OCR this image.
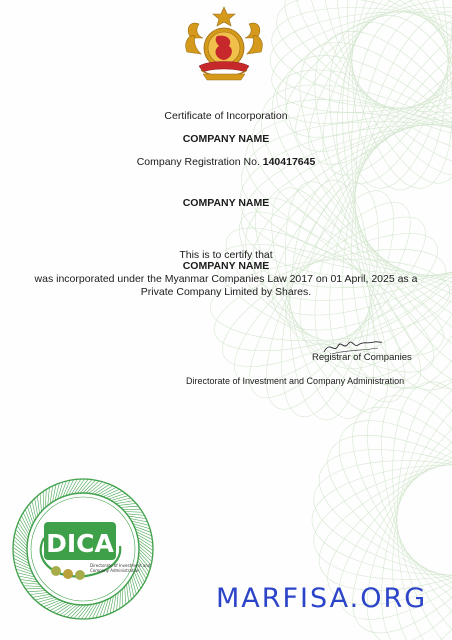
Certificate of Incorporation
COMPANY NAME
Company Registration No. 140417645
COMPANY NAME
This is to certify that
COMPANY NAME
was incorporated under the Myanmar Companies Law 2017 on 01 April, 2025 as a
Private Company Limited by Shares.
Registrar of Companies
Directorate of Investment and Company Administration
DICA
Directorate of Investment and
Company Administration
MARFISA.ORG
